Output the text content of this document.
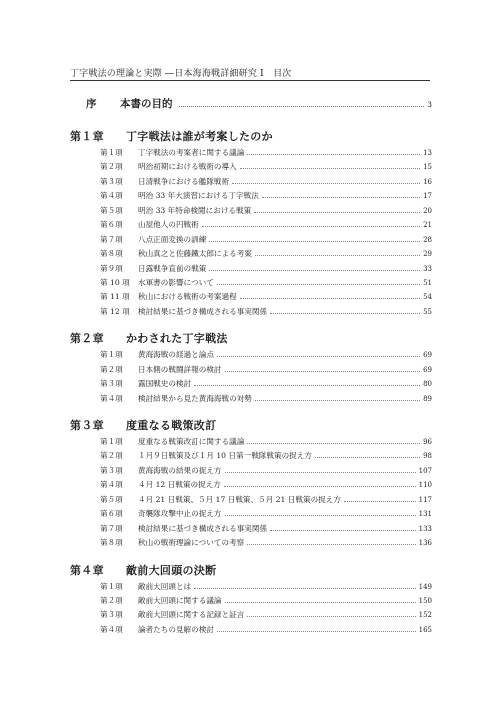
丁字戦法の理論と実際 ―日本海海戦詳細研究 I　目次
序	本書の目的	3
第１章	丁字戦法は誰が考案したのか
第１項	丁字戦法の考案者に関する議論	13
第２項	明治初期における戦術の導入	15
第３項	日清戦争における艦隊戦術	16
第４項	明治 33 年大演習における丁字戦法	17
第５項	明治 33 年特命検閲における戦策	20
第６項	山屋他人の円戦術	21
第７項	八点正面変換の訓練	28
第８項	秋山真之と佐藤鐵太郎による考案	29
第９項	日露戦争直前の戦策	33
第 10 項	水軍書の影響について	51
第 11 項	秋山における戦術の考案過程	54
第 12 項	検討結果に基づき構成される事実関係	55
第２章	かわされた丁字戦法
第１項	黄海海戦の経過と論点	69
第２項	日本側の戦闘詳報の検討	69
第３項	露国戦史の検討	80
第４項	検討結果から見た黄海海戦の対勢	89
第３章	度重なる戦策改訂
第１項	度重なる戦策改訂に関する議論	96
第２項	１月９日戦策及び１月 10 日第一戦隊戦策の捉え方	98
第３項	黄海海戦の結果の捉え方	107
第４項	４月 12 日戦策の捉え方	110
第５項	４月 21 日戦策、５月 17 日戦策、５月 21 日戦策の捉え方	117
第６項	奇襲隊攻撃中止の捉え方	131
第７項	検討結果に基づき構成される事実関係	133
第８項	秋山の戦術理論についての考察	136
第４章	敵前大回頭の決断
第１項	敵前大回頭とは	149
第２項	敵前大回頭に関する議論	150
第３項	敵前大回頭に関する記録と証言	152
第４項	論者たちの見解の検討	165
